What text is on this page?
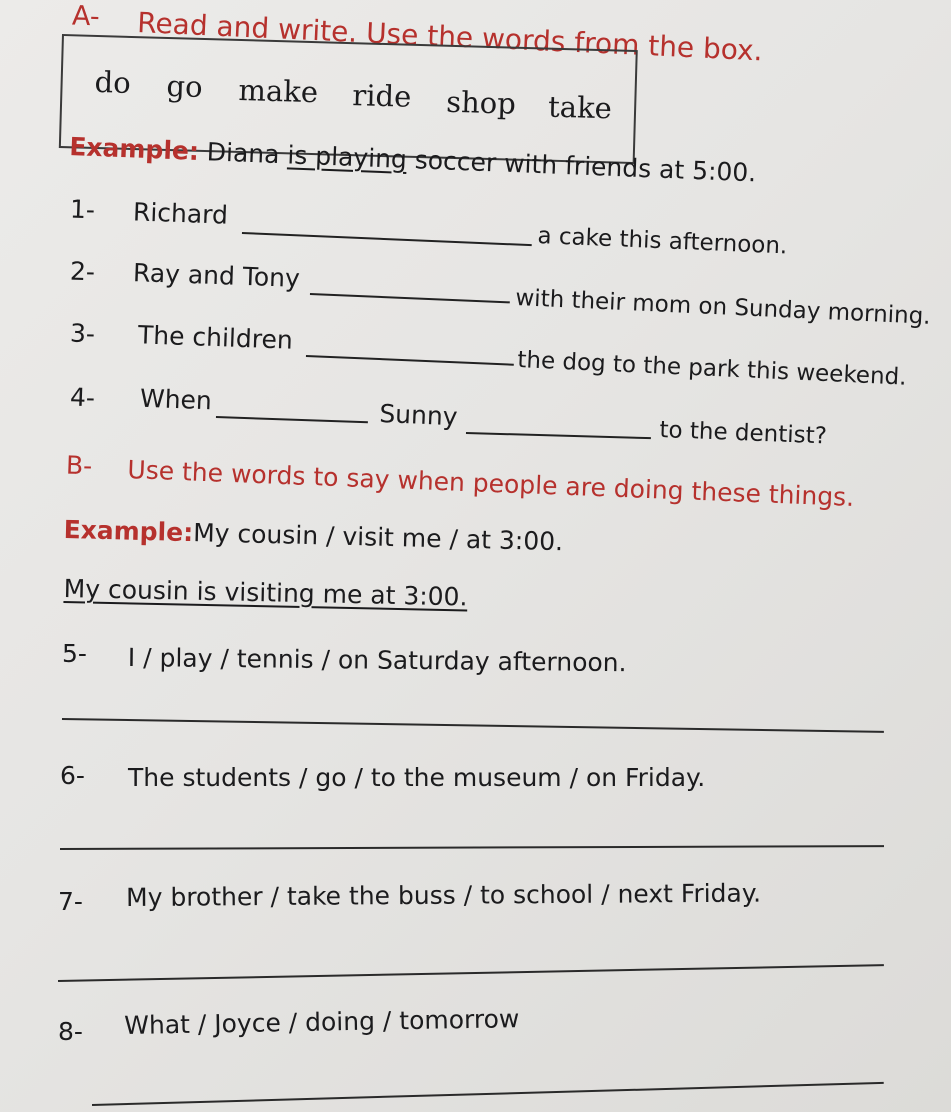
A- Read and write. Use the words from the box.
do go make ride shop take
Example: Diana is playing soccer with friends at 5:00.
1- Richard
a cake this afternoon.
2- Ray and Tony
with their mom on Sunday morning.
3- The children
the dog to the park this weekend.
4- When	Sunny
to the dentist?
B- Use the words to say when people are doing these things.
Example:My cousin / visit me / at 3:00.
My cousin is visiting me at 3:00.
5- I / play / tennis / on Saturday afternoon.
6- The students / go / to the museum / on Friday.
7- My brother / take the buss / to school / next Friday.
8- What / Joyce / doing / tomorrow
